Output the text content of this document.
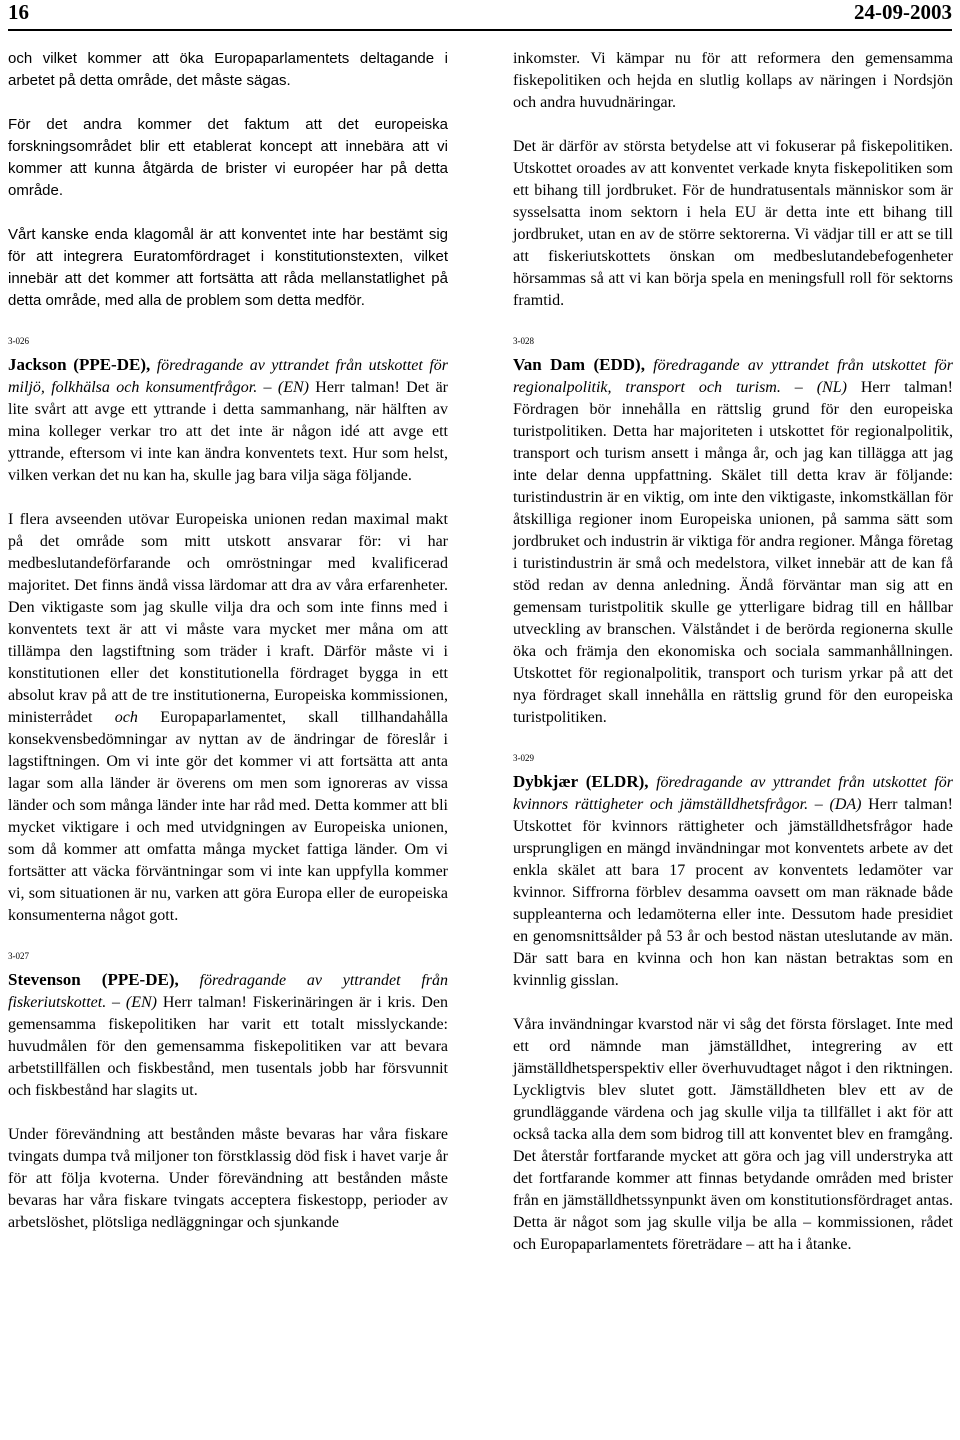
16	24-09-2003

och vilket kommer att öka Europaparlamentets deltagande i arbetet på detta område, det måste sägas.

För det andra kommer det faktum att det europeiska forskningsområdet blir ett etablerat koncept att innebära att vi kommer att kunna åtgärda de brister vi européer har på detta område.

Vårt kanske enda klagomål är att konventet inte har bestämt sig för att integrera Euratomfördraget i konstitutionstexten, vilket innebär att det kommer att fortsätta att råda mellanstatlighet på detta område, med alla de problem som detta medför.

3-026

Jackson (PPE-DE), föredragande av yttrandet från utskottet för miljö, folkhälsa och konsumentfrågor. – (EN) Herr talman! Det är lite svårt att avge ett yttrande i detta sammanhang, när hälften av mina kolleger verkar tro att det inte är någon idé att avge ett yttrande, eftersom vi inte kan ändra konventets text. Hur som helst, vilken verkan det nu kan ha, skulle jag bara vilja säga följande.

I flera avseenden utövar Europeiska unionen redan maximal makt på det område som mitt utskott ansvarar för: vi har medbeslutandeförfarande och omröstningar med kvalificerad majoritet. Det finns ändå vissa lärdomar att dra av våra erfarenheter. Den viktigaste som jag skulle vilja dra och som inte finns med i konventets text är att vi måste vara mycket mer måna om att tillämpa den lagstiftning som träder i kraft. Därför måste vi i konstitutionen eller det konstitutionella fördraget bygga in ett absolut krav på att de tre institutionerna, Europeiska kommissionen, ministerrådet och Europaparlamentet, skall tillhandahålla konsekvensbedömningar av nyttan av de ändringar de föreslår i lagstiftningen. Om vi inte gör det kommer vi att fortsätta att anta lagar som alla länder är överens om men som ignoreras av vissa länder och som många länder inte har råd med. Detta kommer att bli mycket viktigare i och med utvidgningen av Europeiska unionen, som då kommer att omfatta många mycket fattiga länder. Om vi fortsätter att väcka förväntningar som vi inte kan uppfylla kommer vi, som situationen är nu, varken att göra Europa eller de europeiska konsumenterna något gott.

3-027

Stevenson (PPE-DE), föredragande av yttrandet från fiskeriutskottet. – (EN) Herr talman! Fiskerinäringen är i kris. Den gemensamma fiskepolitiken har varit ett totalt misslyckande: huvudmålen för den gemensamma fiskepolitiken var att bevara arbetstillfällen och fiskbestånd, men tusentals jobb har försvunnit och fiskbestånd har slagits ut.

Under förevändning att bestånden måste bevaras har våra fiskare tvingats dumpa två miljoner ton förstklassig död fisk i havet varje år för att följa kvoterna. Under förevändning att bestånden måste bevaras har våra fiskare tvingats acceptera fiskestopp, perioder av arbetslöshet, plötsliga nedläggningar och sjunkande

inkomster. Vi kämpar nu för att reformera den gemensamma fiskepolitiken och hejda en slutlig kollaps av näringen i Nordsjön och andra huvudnäringar.

Det är därför av största betydelse att vi fokuserar på fiskepolitiken. Utskottet oroades av att konventet verkade knyta fiskepolitiken som ett bihang till jordbruket. För de hundratusentals människor som är sysselsatta inom sektorn i hela EU är detta inte ett bihang till jordbruket, utan en av de större sektorerna. Vi vädjar till er att se till att fiskeriutskottets önskan om medbeslutandebefogenheter hörsammas så att vi kan börja spela en meningsfull roll för sektorns framtid.

3-028

Van Dam (EDD), föredragande av yttrandet från utskottet för regionalpolitik, transport och turism. – (NL) Herr talman! Fördragen bör innehålla en rättslig grund för den europeiska turistpolitiken. Detta har majoriteten i utskottet för regionalpolitik, transport och turism ansett i många år, och jag kan tillägga att jag inte delar denna uppfattning. Skälet till detta krav är följande: turistindustrin är en viktig, om inte den viktigaste, inkomstkällan för åtskilliga regioner inom Europeiska unionen, på samma sätt som jordbruket och industrin är viktiga för andra regioner. Många företag i turistindustrin är små och medelstora, vilket innebär att de kan få stöd redan av denna anledning. Ändå förväntar man sig att en gemensam turistpolitik skulle ge ytterligare bidrag till en hållbar utveckling av branschen. Välståndet i de berörda regionerna skulle öka och främja den ekonomiska och sociala sammanhållningen. Utskottet för regionalpolitik, transport och turism yrkar på att det nya fördraget skall innehålla en rättslig grund för den europeiska turistpolitiken.

3-029

Dybkjær (ELDR), föredragande av yttrandet från utskottet för kvinnors rättigheter och jämställdhetsfrågor. – (DA) Herr talman! Utskottet för kvinnors rättigheter och jämställdhetsfrågor hade ursprungligen en mängd invändningar mot konventets arbete av det enkla skälet att bara 17 procent av konventets ledamöter var kvinnor. Siffrorna förblev desamma oavsett om man räknade både suppleanterna och ledamöterna eller inte. Dessutom hade presidiet en genomsnittsålder på 53 år och bestod nästan uteslutande av män. Där satt bara en kvinna och hon kan nästan betraktas som en kvinnlig gisslan.

Våra invändningar kvarstod när vi såg det första förslaget. Inte med ett ord nämnde man jämställdhet, integrering av ett jämställdhetsperspektiv eller överhuvudtaget något i den riktningen. Lyckligtvis blev slutet gott. Jämställdheten blev ett av de grundläggande värdena och jag skulle vilja ta tillfället i akt för att också tacka alla dem som bidrog till att konventet blev en framgång. Det återstår fortfarande mycket att göra och jag vill understryka att det fortfarande kommer att finnas betydande områden med brister från en jämställdhetssynpunkt även om konstitutionsfördraget antas. Detta är något som jag skulle vilja be alla – kommissionen, rådet och Europaparlamentets företrädare – att ha i åtanke.
